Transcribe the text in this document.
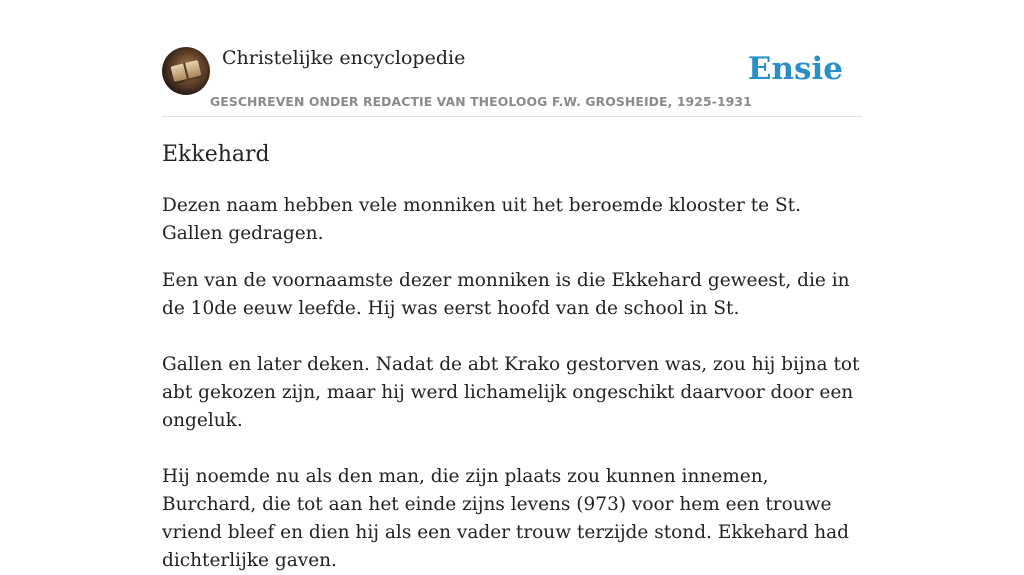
Christelijke encyclopedie
GESCHREVEN ONDER REDACTIE VAN THEOLOOG F.W. GROSHEIDE, 1925-1931
Ensie
Ekkehard

Dezen naam hebben vele monniken uit het beroemde klooster te St. Gallen gedragen.

Een van de voornaamste dezer monniken is die Ekkehard geweest, die in de 10de eeuw leefde. Hij was eerst hoofd van de school in St.

Gallen en later deken. Nadat de abt Krako gestorven was, zou hij bijna tot abt gekozen zijn, maar hij werd lichamelijk ongeschikt daarvoor door een ongeluk.

Hij noemde nu als den man, die zijn plaats zou kunnen innemen, Burchard, die tot aan het einde zijns levens (973) voor hem een trouwe vriend bleef en dien hij als een vader trouw terzijde stond. Ekkehard had dichterlijke gaven.
